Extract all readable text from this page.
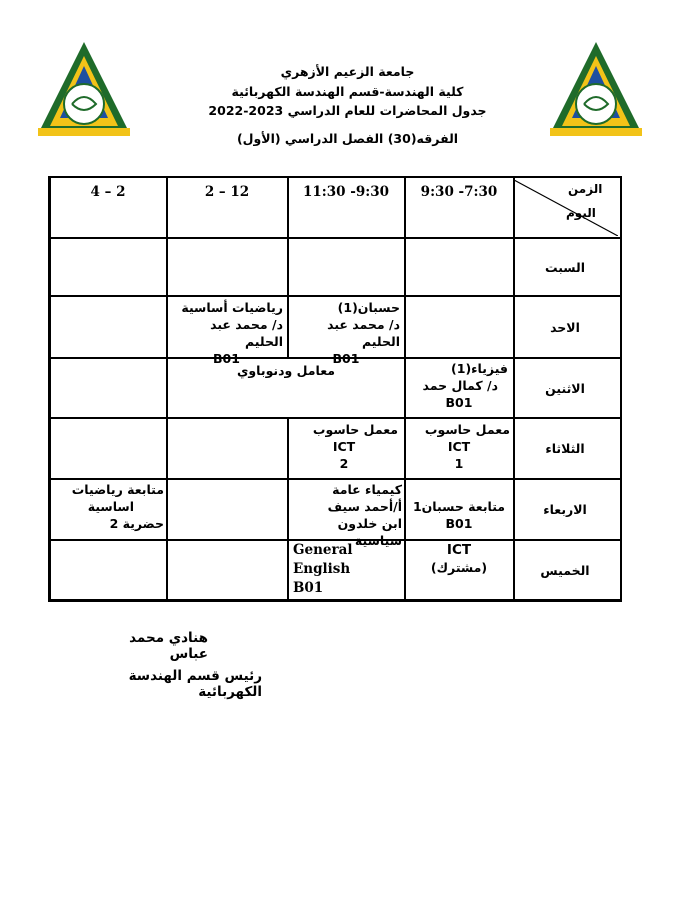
جامعة الزعيم الأزهري
كلية الهندسة-قسم الهندسة الكهربائية
جدول المحاضرات للعام الدراسي 2023-2022
الفرقه(30) الفصل الدراسي (الأول)
الزمن
اليوم
9:30 -7:30
11:30 -9:30
2 – 12
4 – 2
السبت
الاحد
الاثنين
الثلاثاء
الاربعاء
الخميس
حسبان(1)
د/ محمد عبد الحليم
B01
رياضيات أساسية
د/ محمد عبد الحليم
B01
فيزياء(1)
د/ كمال حمد
B01
معامل ودنوباوي
معمل حاسوب
ICT
1
معمل حاسوب
ICT
2
متابعة حسبان1
B01
كيمياء عامة
أ/أحمد سيف
ابن خلدون سياسية
متابعة رياضيات
اساسية
حضرية 2
ICT
(مشترك)
General
English
B01
هنادي محمد عباس
رئيس قسم الهندسة الكهربائية
